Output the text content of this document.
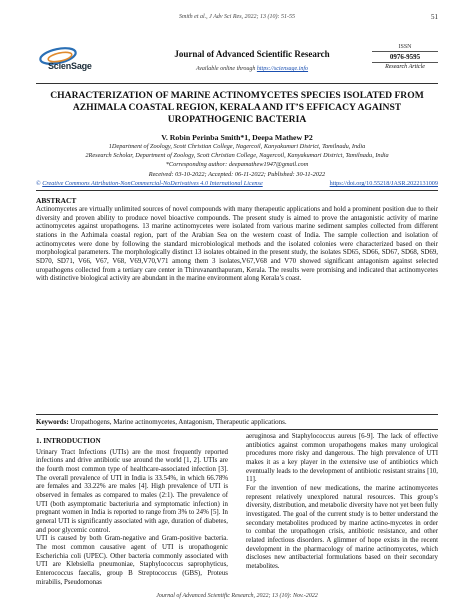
Smith et al., J Adv Sci Res, 2022; 13 (10): 51-55	51
ScienSage
Journal of Advanced Scientific Research
Available online through https://sciensage.info
ISSN
0976-9595
Research Article
CHARACTERIZATION OF MARINE ACTINOMYCETES SPECIES ISOLATED FROM AZHIMALA COASTAL REGION, KERALA AND IT’S EFFICACY AGAINST UROPATHOGENIC BACTERIA
V. Robin Perinba Smith*1, Deepa Mathew P2
1Department of Zoology, Scott Christian College, Nagercoil, Kanyakumari District, Tamilnadu, India
2Research Scholar, Department of Zoology, Scott Christian College, Nagercoil, Kanyakumari District, Tamilnadu, India
*Corresponding author: deepamathew1947@gmail.com
Received: 03-10-2022; Accepted: 06-11-2022; Published: 30-11-2022
© Creative Commons Attribution-NonCommercial-NoDerivatives 4.0 International License	https://doi.org/10.55218/JASR.2022131009
ABSTRACT
Actinomycetes are virtually unlimited sources of novel compounds with many therapeutic applications and hold a prominent position due to their diversity and proven ability to produce novel bioactive compounds. The present study is aimed to prove the antagonistic activity of marine actinomycetes against uropathogens. 13 marine actinomycetes were isolated from various marine sediment samples collected from different stations in the Azhimala coastal region, part of the Arabian Sea on the western coast of India. The sample collection and isolation of actinomycetes were done by following the standard microbiological methods and the isolated colonies were characterized based on their morphological parameters. The morphologically distinct 13 isolates obtained in the present study, the isolates SD65, SD66, SD67, SD68, SD69, SD70, SD71, V66, V67, V68, V69,V70,V71 among them 3 isolates,V67,V68 and V70 showed significant antagonism against selected uropathogens collected from a tertiary care center in Thiruvananthapuram, Kerala. The results were promising and indicated that actinomycetes with distinctive biological activity are abundant in the marine environment along Kerala’s coast.
Keywords: Uropathogens, Marine actinomycetes, Antagonism, Therapeutic applications.
1. INTRODUCTION

Urinary Tract Infections (UTIs) are the most frequently reported infections and drive antibiotic use around the world [1, 2]. UTIs are the fourth most common type of healthcare-associated infection [3]. The overall prevalence of UTI in India is 33.54%, in which 66.78% are females and 33.22% are males [4]. High prevalence of UTI is observed in females as compared to males (2:1). The prevalence of UTI (both asymptomatic bacteriuria and symptomatic infection) in pregnant women in India is reported to range from 3% to 24% [5]. In general UTI is significantly associated with age, duration of diabetes, and poor glycemic control.

UTI is caused by both Gram-negative and Gram-positive bacteria. The most common causative agent of UTI is uropathogenic Escherichia coli (UPEC). Other bacteria commonly associated with UTI are Klebsiella pneumoniae, Staphylococcus saprophyticus, Enterococcus faecalis, group B Streptococcus (GBS), Proteus mirabilis, Pseudomonas

aeruginosa and Staphylococcus aureus [6-9]. The lack of effective antibiotics against common uropathogens makes many urological procedures more risky and dangerous. The high prevalence of UTI makes it as a key player in the extensive use of antibiotics which eventually leads to the development of antibiotic resistant strains [10, 11].

For the invention of new medications, the marine actinomycetes represent relatively unexplored natural resources. This group’s diversity, distribution, and metabolic diversity have not yet been fully investigated. The goal of the current study is to better understand the secondary metabolites produced by marine actino-mycetes in order to combat the uropathogen crisis, antibiotic resistance, and other related infectious disorders. A glimmer of hope exists in the recent development in the pharmacology of marine actinomycetes, which discloses new antibacterial formulations based on their secondary metabolites.

Journal of Advanced Scientific Research, 2022; 13 (10): Nov.-2022
